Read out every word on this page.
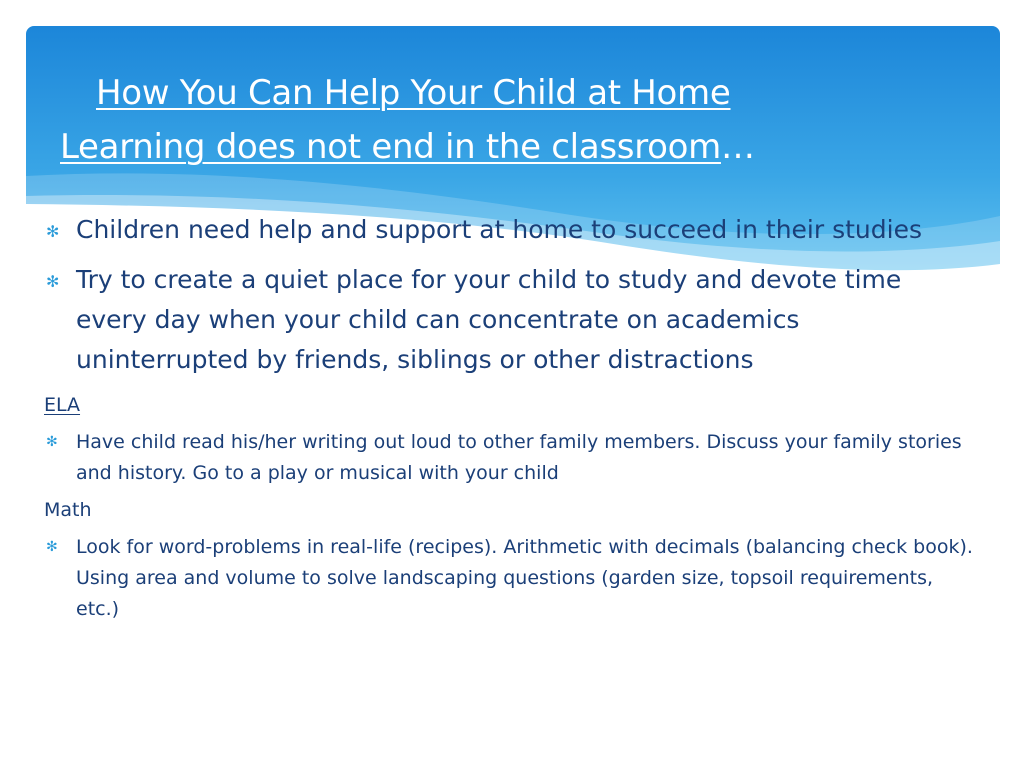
How You Can Help Your Child at Home
Learning does not end in the classroom…
✻ Children need help and support at home to succeed in their studies
✻ Try to create a quiet place for your child to study and devote time every day when your child can concentrate on academics uninterrupted by friends, siblings or other distractions
ELA
✻ Have child read his/her writing out loud to other family members. Discuss your family stories and history. Go to a play or musical with your child
Math
✻ Look for word-problems in real-life (recipes). Arithmetic with decimals (balancing check book). Using area and volume to solve landscaping questions (garden size, topsoil requirements, etc.)
